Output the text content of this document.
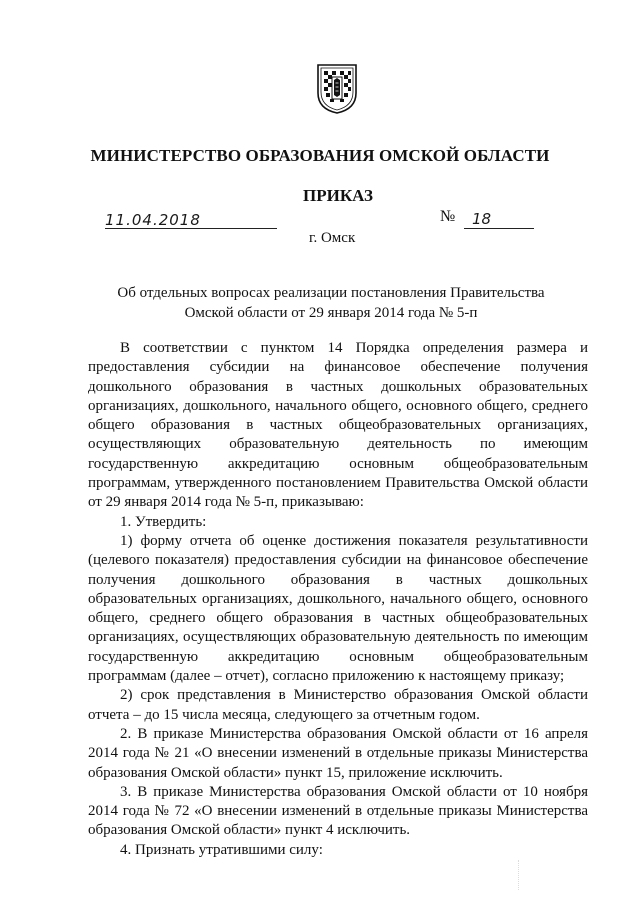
МИНИСТЕРСТВО ОБРАЗОВАНИЯ ОМСКОЙ ОБЛАСТИ
ПРИКАЗ
11.04.2018	№ 18
г. Омск
Об отдельных вопросах реализации постановления Правительства
Омской области от 29 января 2014 года № 5-п

В соответствии с пунктом 14 Порядка определения размера и предоставления субсидии на финансовое обеспечение получения дошкольного образования в частных дошкольных образовательных организациях, дошкольного, начального общего, основного общего, среднего общего образования в частных общеобразовательных организациях, осуществляющих образовательную деятельность по имеющим государственную аккредитацию основным общеобразовательным программам, утвержденного постановлением Правительства Омской области от 29 января 2014 года № 5-п, приказываю:

1. Утвердить:

1) форму отчета об оценке достижения показателя результативности (целевого показателя) предоставления субсидии на финансовое обеспечение получения дошкольного образования в частных дошкольных образовательных организациях, дошкольного, начального общего, основного общего, среднего общего образования в частных общеобразовательных организациях, осуществляющих образовательную деятельность по имеющим государственную аккредитацию основным общеобразовательным программам (далее – отчет), согласно приложению к настоящему приказу;

2) срок представления в Министерство образования Омской области отчета – до 15 числа месяца, следующего за отчетным годом.

2. В приказе Министерства образования Омской области от 16 апреля 2014 года № 21 «О внесении изменений в отдельные приказы Министерства образования Омской области» пункт 15, приложение исключить.

3. В приказе Министерства образования Омской области от 10 ноября 2014 года № 72 «О внесении изменений в отдельные приказы Министерства образования Омской области» пункт 4 исключить.

4. Признать утратившими силу:
